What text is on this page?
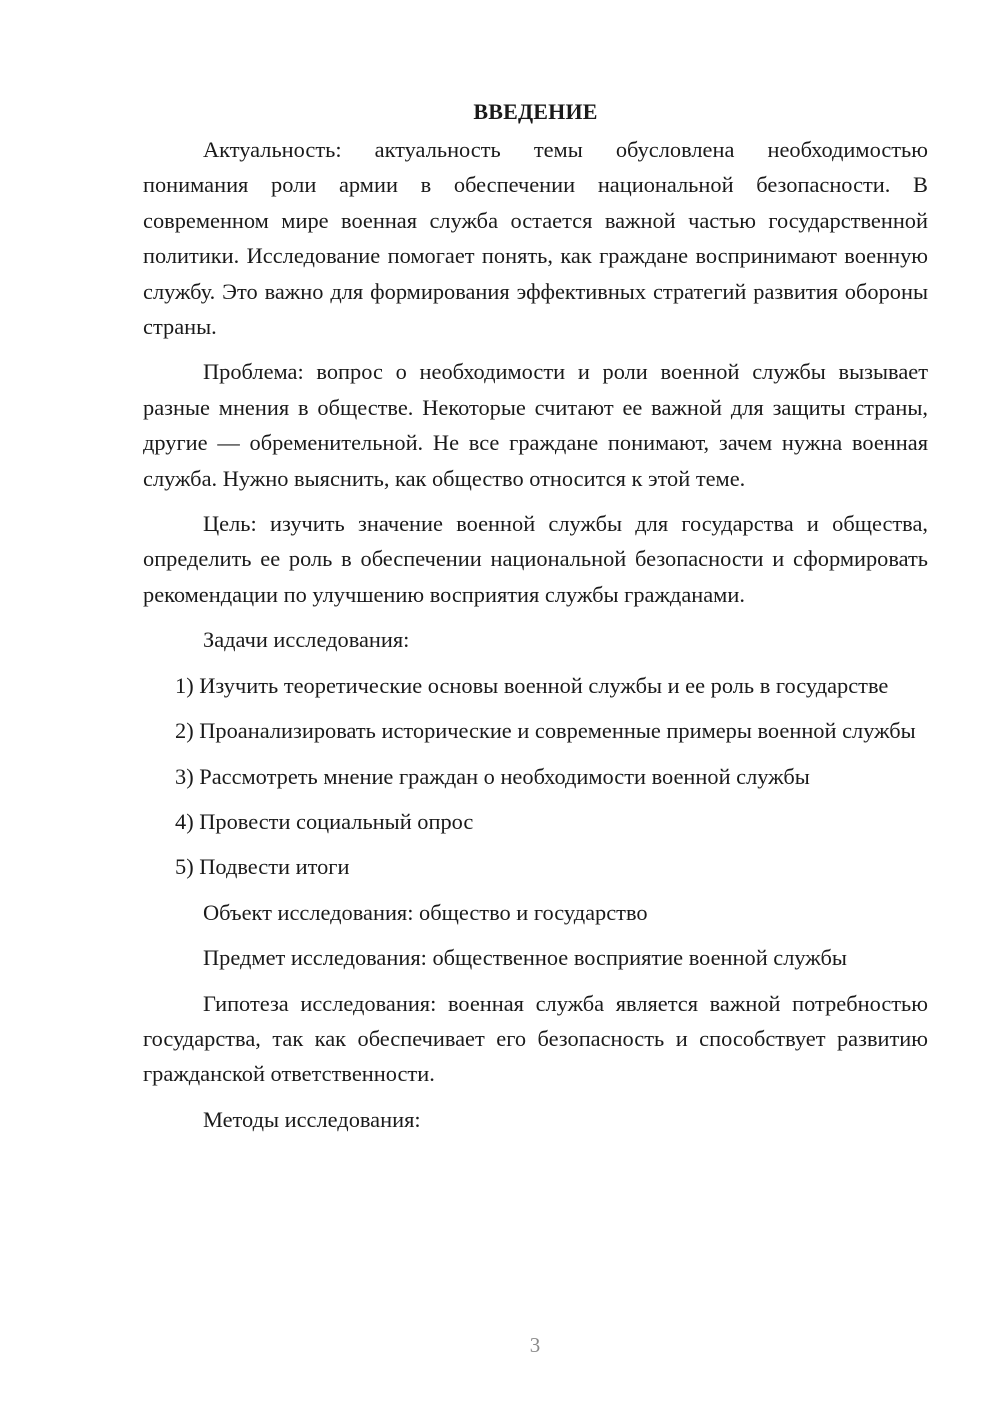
ВВЕДЕНИЕ

Актуальность: актуальность темы обусловлена необходимостью понимания роли армии в обеспечении национальной безопасности. В современном мире военная служба остается важной частью государственной политики. Исследование помогает понять, как граждане воспринимают военную службу. Это важно для формирования эффективных стратегий развития обороны страны.

Проблема: вопрос о необходимости и роли военной службы вызывает разные мнения в обществе. Некоторые считают ее важной для защиты страны, другие — обременительной. Не все граждане понимают, зачем нужна военная служба. Нужно выяснить, как общество относится к этой теме.

Цель: изучить значение военной службы для государства и общества, определить ее роль в обеспечении национальной безопасности и сформировать рекомендации по улучшению восприятия службы гражданами.

Задачи исследования:

1) Изучить теоретические основы военной службы и ее роль в государстве

2) Проанализировать исторические и современные примеры военной службы

3) Рассмотреть мнение граждан о необходимости военной службы

4) Провести социальный опрос

5) Подвести итоги

Объект исследования: общество и государство

Предмет исследования: общественное восприятие военной службы

Гипотеза исследования: военная служба является важной потребностью государства, так как обеспечивает его безопасность и способствует развитию гражданской ответственности.

Методы исследования:

3
